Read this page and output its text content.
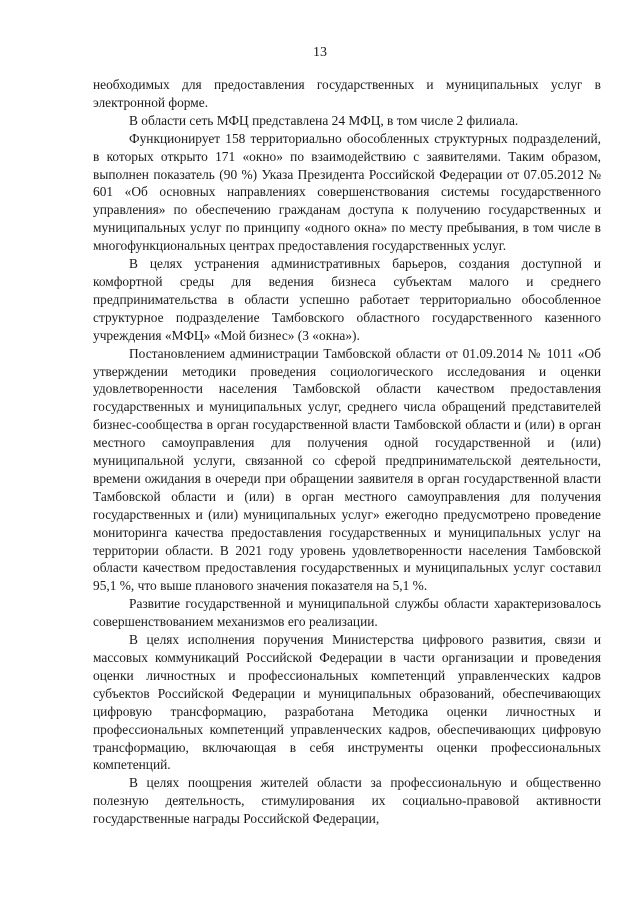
13

необходимых для предоставления государственных и муниципальных услуг в электронной форме.

В области сеть МФЦ представлена 24 МФЦ, в том числе 2 филиала.

Функционирует 158 территориально обособленных структурных подразделений, в которых открыто 171 «окно» по взаимодействию с заявителями. Таким образом, выполнен показатель (90 %) Указа Президента Российской Федерации от 07.05.2012 № 601 «Об основных направлениях совершенствования системы государственного управления» по обеспечению гражданам доступа к получению государственных и муниципальных услуг по принципу «одного окна» по месту пребывания, в том числе в многофункциональных центрах предоставления государственных услуг.

В целях устранения административных барьеров, создания доступной и комфортной среды для ведения бизнеса субъектам малого и среднего предпринимательства в области успешно работает территориально обособленное структурное подразделение Тамбовского областного государственного казенного учреждения «МФЦ» «Мой бизнес» (3 «окна»).

Постановлением администрации Тамбовской области от 01.09.2014 № 1011 «Об утверждении методики проведения социологического исследования и оценки удовлетворенности населения Тамбовской области качеством предоставления государственных и муниципальных услуг, среднего числа обращений представителей бизнес-сообщества в орган государственной власти Тамбовской области и (или) в орган местного самоуправления для получения одной государственной и (или) муниципальной услуги, связанной со сферой предпринимательской деятельности, времени ожидания в очереди при обращении заявителя в орган государственной власти Тамбовской области и (или) в орган местного самоуправления для получения государственных и (или) муниципальных услуг» ежегодно предусмотрено проведение мониторинга качества предоставления государственных и муниципальных услуг на территории области. В 2021 году уровень удовлетворенности населения Тамбовской области качеством предоставления государственных и муниципальных услуг составил 95,1 %, что выше планового значения показателя на 5,1 %.

Развитие государственной и муниципальной службы области характеризовалось совершенствованием механизмов его реализации.

В целях исполнения поручения Министерства цифрового развития, связи и массовых коммуникаций Российской Федерации в части организации и проведения оценки личностных и профессиональных компетенций управленческих кадров субъектов Российской Федерации и муниципальных образований, обеспечивающих цифровую трансформацию, разработана Методика оценки личностных и профессиональных компетенций управленческих кадров, обеспечивающих цифровую трансформацию, включающая в себя инструменты оценки профессиональных компетенций.

В целях поощрения жителей области за профессиональную и общественно полезную деятельность, стимулирования их социально-правовой активности государственные награды Российской Федерации,
